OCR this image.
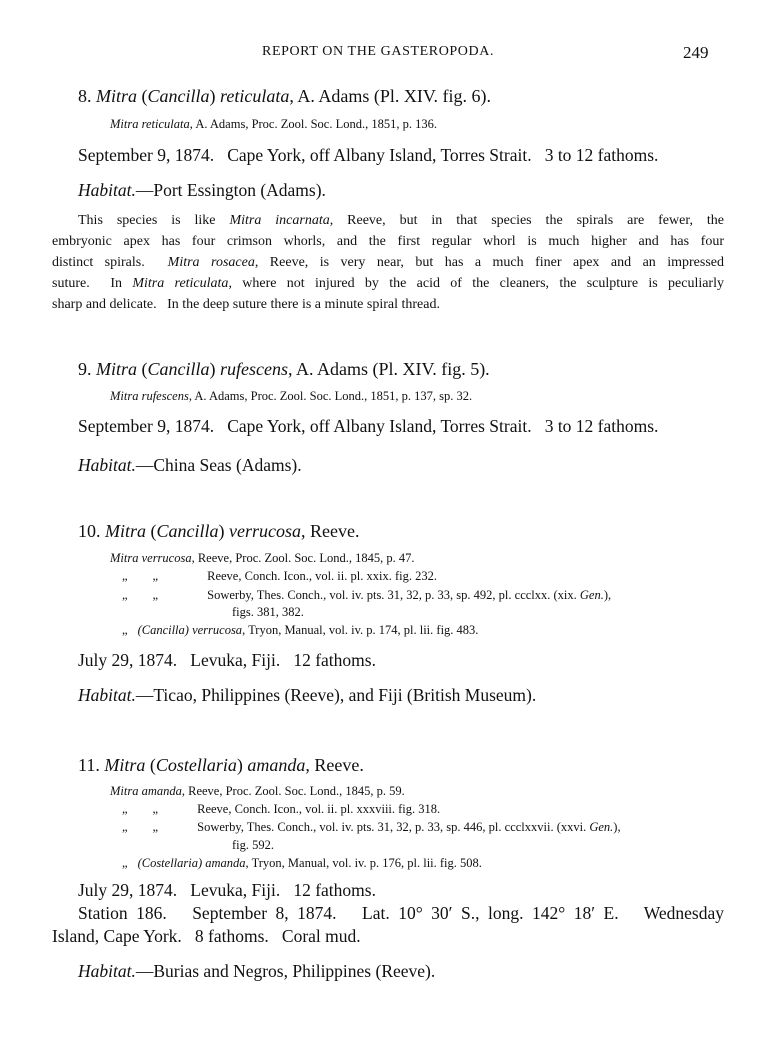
REPORT ON THE GASTEROPODA.	249
8. Mitra (Cancilla) reticulata, A. Adams (Pl. XIV. fig. 6).
Mitra reticulata, A. Adams, Proc. Zool. Soc. Lond., 1851, p. 136.
September 9, 1874.   Cape York, off Albany Island, Torres Strait.   3 to 12 fathoms.
Habitat.—Port Essington (Adams).
This species is like Mitra incarnata, Reeve, but in that species the spirals are fewer, the
embryonic apex has four crimson whorls, and the first regular whorl is much higher and has four
distinct spirals.  Mitra rosacea, Reeve, is very near, but has a much finer apex and an impressed
suture.  In Mitra reticulata, where not injured by the acid of the cleaners, the sculpture is peculiarly
sharp and delicate.   In the deep suture there is a minute spiral thread.
9. Mitra (Cancilla) rufescens, A. Adams (Pl. XIV. fig. 5).
Mitra rufescens, A. Adams, Proc. Zool. Soc. Lond., 1851, p. 137, sp. 32.
September 9, 1874.   Cape York, off Albany Island, Torres Strait.   3 to 12 fathoms.
Habitat.—China Seas (Adams).
10. Mitra (Cancilla) verrucosa, Reeve.
Mitra verrucosa, Reeve, Proc. Zool. Soc. Lond., 1845, p. 47.
„        „	Reeve, Conch. Icon., vol. ii. pl. xxix. fig. 232.
„        „	Sowerby, Thes. Conch., vol. iv. pts. 31, 32, p. 33, sp. 492, pl. ccclxx. (xix. Gen.),
figs. 381, 382.
„ (Cancilla) verrucosa, Tryon, Manual, vol. iv. p. 174, pl. lii. fig. 483.
July 29, 1874.   Levuka, Fiji.   12 fathoms.
Habitat.—Ticao, Philippines (Reeve), and Fiji (British Museum).
11. Mitra (Costellaria) amanda, Reeve.
Mitra amanda, Reeve, Proc. Zool. Soc. Lond., 1845, p. 59.
„        „	Reeve, Conch. Icon., vol. ii. pl. xxxviii. fig. 318.
„        „	Sowerby, Thes. Conch., vol. iv. pts. 31, 32, p. 33, sp. 446, pl. ccclxxvii. (xxvi. Gen.),
fig. 592.
„ (Costellaria) amanda, Tryon, Manual, vol. iv. p. 176, pl. lii. fig. 508.
July 29, 1874.   Levuka, Fiji.   12 fathoms.
Station 186.   September 8, 1874.   Lat. 10° 30′ S., long. 142° 18′ E.   Wednesday
Island, Cape York.   8 fathoms.   Coral mud.
Habitat.—Burias and Negros, Philippines (Reeve).
